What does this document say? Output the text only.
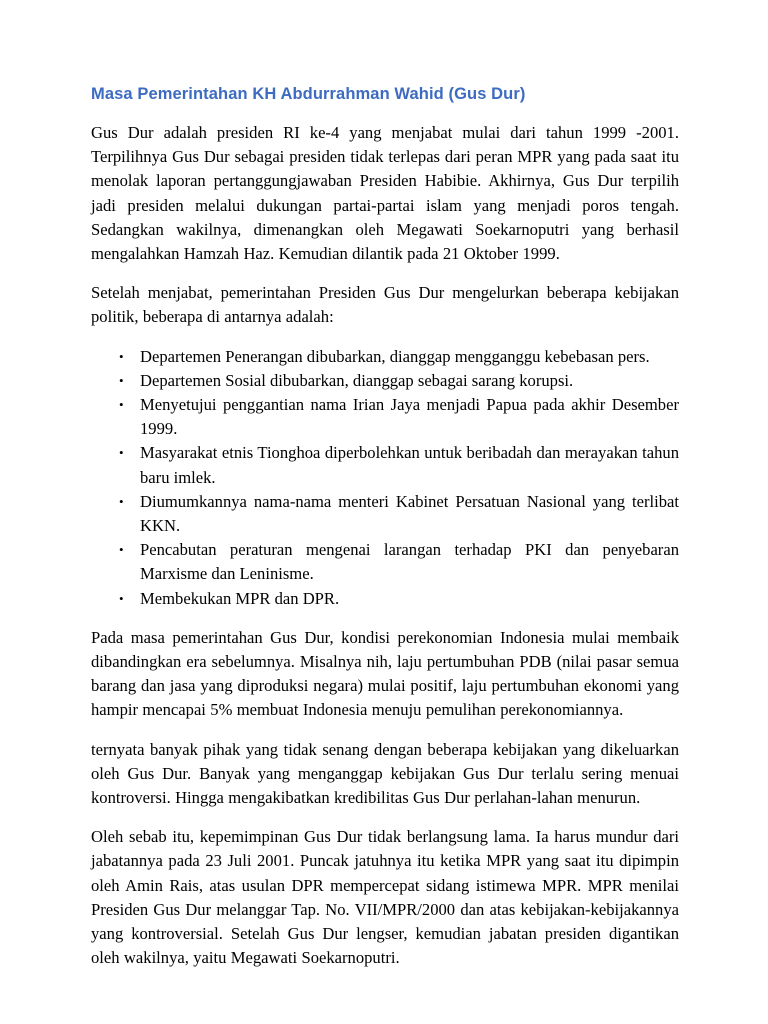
Masa Pemerintahan KH Abdurrahman Wahid (Gus Dur)

Gus Dur adalah presiden RI ke-4 yang menjabat mulai dari tahun 1999 -2001. Terpilihnya Gus Dur sebagai presiden tidak terlepas dari peran MPR yang pada saat itu menolak laporan pertanggungjawaban Presiden Habibie. Akhirnya, Gus Dur terpilih jadi presiden melalui dukungan partai-partai islam yang menjadi poros tengah. Sedangkan wakilnya, dimenangkan oleh Megawati Soekarnoputri yang berhasil mengalahkan Hamzah Haz. Kemudian dilantik pada 21 Oktober 1999.

Setelah menjabat, pemerintahan Presiden Gus Dur mengelurkan beberapa kebijakan politik, beberapa di antarnya adalah:

• Departemen Penerangan dibubarkan, dianggap mengganggu kebebasan pers.
• Departemen Sosial dibubarkan, dianggap sebagai sarang korupsi.
• Menyetujui penggantian nama Irian Jaya menjadi Papua pada akhir Desember 1999.
• Masyarakat etnis Tionghoa diperbolehkan untuk beribadah dan merayakan tahun baru imlek.
• Diumumkannya nama-nama menteri Kabinet Persatuan Nasional yang terlibat KKN.
• Pencabutan peraturan mengenai larangan terhadap PKI dan penyebaran Marxisme dan Leninisme.
• Membekukan MPR dan DPR.

Pada masa pemerintahan Gus Dur, kondisi perekonomian Indonesia mulai membaik dibandingkan era sebelumnya. Misalnya nih, laju pertumbuhan PDB (nilai pasar semua barang dan jasa yang diproduksi negara) mulai positif, laju pertumbuhan ekonomi yang hampir mencapai 5% membuat Indonesia menuju pemulihan perekonomiannya.

ternyata banyak pihak yang tidak senang dengan beberapa kebijakan yang dikeluarkan oleh Gus Dur. Banyak yang menganggap kebijakan Gus Dur terlalu sering menuai kontroversi. Hingga mengakibatkan kredibilitas Gus Dur perlahan-lahan menurun.

Oleh sebab itu, kepemimpinan Gus Dur tidak berlangsung lama. Ia harus mundur dari jabatannya pada 23 Juli 2001. Puncak jatuhnya itu ketika MPR yang saat itu dipimpin oleh Amin Rais, atas usulan DPR mempercepat sidang istimewa MPR. MPR menilai Presiden Gus Dur melanggar Tap. No. VII/MPR/2000 dan atas kebijakan-kebijakannya yang kontroversial. Setelah Gus Dur lengser, kemudian jabatan presiden digantikan oleh wakilnya, yaitu Megawati Soekarnoputri.
